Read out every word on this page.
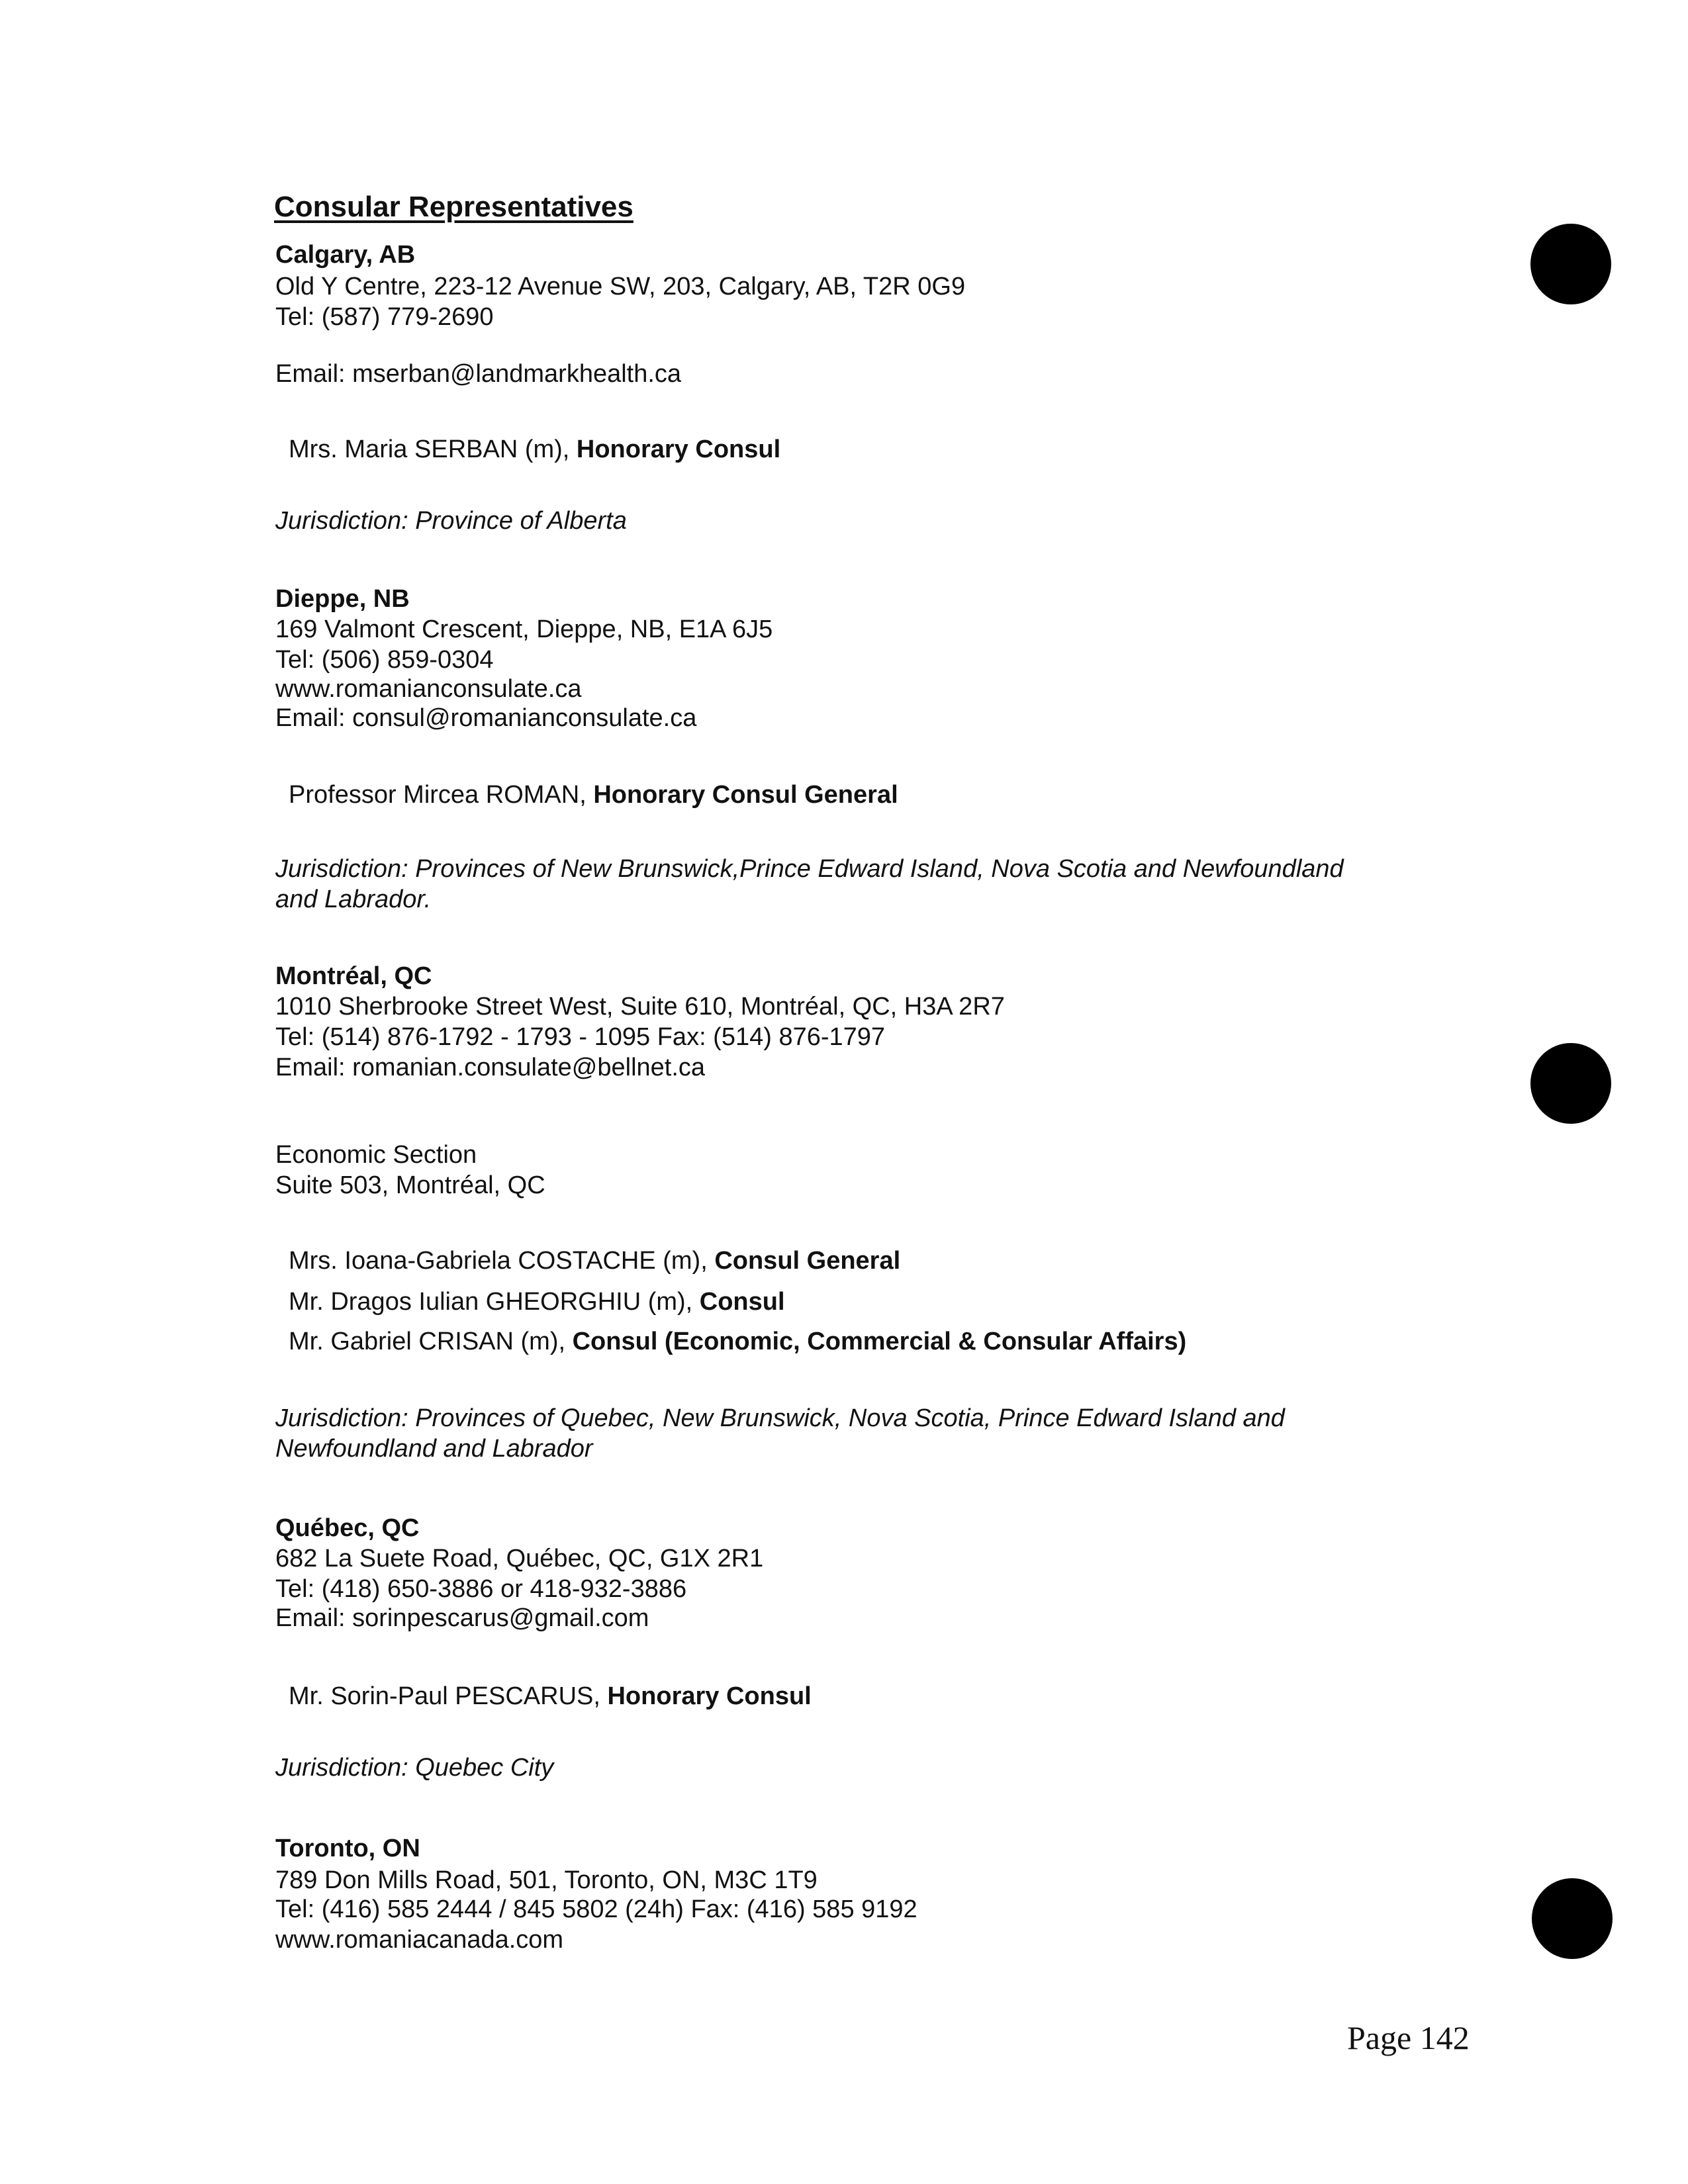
Consular Representatives
Calgary, AB
Old Y Centre, 223-12 Avenue SW, 203, Calgary, AB, T2R 0G9
Tel: (587) 779-2690
Email: mserban@landmarkhealth.ca
Mrs. Maria SERBAN (m), Honorary Consul
Jurisdiction: Province of Alberta
Dieppe, NB
169 Valmont Crescent, Dieppe, NB, E1A 6J5
Tel: (506) 859-0304
www.romanianconsulate.ca
Email: consul@romanianconsulate.ca
Professor Mircea ROMAN, Honorary Consul General
Jurisdiction: Provinces of New Brunswick,Prince Edward Island, Nova Scotia and Newfoundland
and Labrador.
Montréal, QC
1010 Sherbrooke Street West, Suite 610, Montréal, QC, H3A 2R7
Tel: (514) 876-1792 - 1793 - 1095 Fax: (514) 876-1797
Email: romanian.consulate@bellnet.ca
Economic Section
Suite 503, Montréal, QC
Mrs. Ioana-Gabriela COSTACHE (m), Consul General
Mr. Dragos Iulian GHEORGHIU (m), Consul
Mr. Gabriel CRISAN (m), Consul (Economic, Commercial & Consular Affairs)
Jurisdiction: Provinces of Quebec, New Brunswick, Nova Scotia, Prince Edward Island and
Newfoundland and Labrador
Québec, QC
682 La Suete Road, Québec, QC, G1X 2R1
Tel: (418) 650-3886 or 418-932-3886
Email: sorinpescarus@gmail.com
Mr. Sorin-Paul PESCARUS, Honorary Consul
Jurisdiction: Quebec City
Toronto, ON
789 Don Mills Road, 501, Toronto, ON, M3C 1T9
Tel: (416) 585 2444 / 845 5802 (24h) Fax: (416) 585 9192
www.romaniacanada.com
Page 142
